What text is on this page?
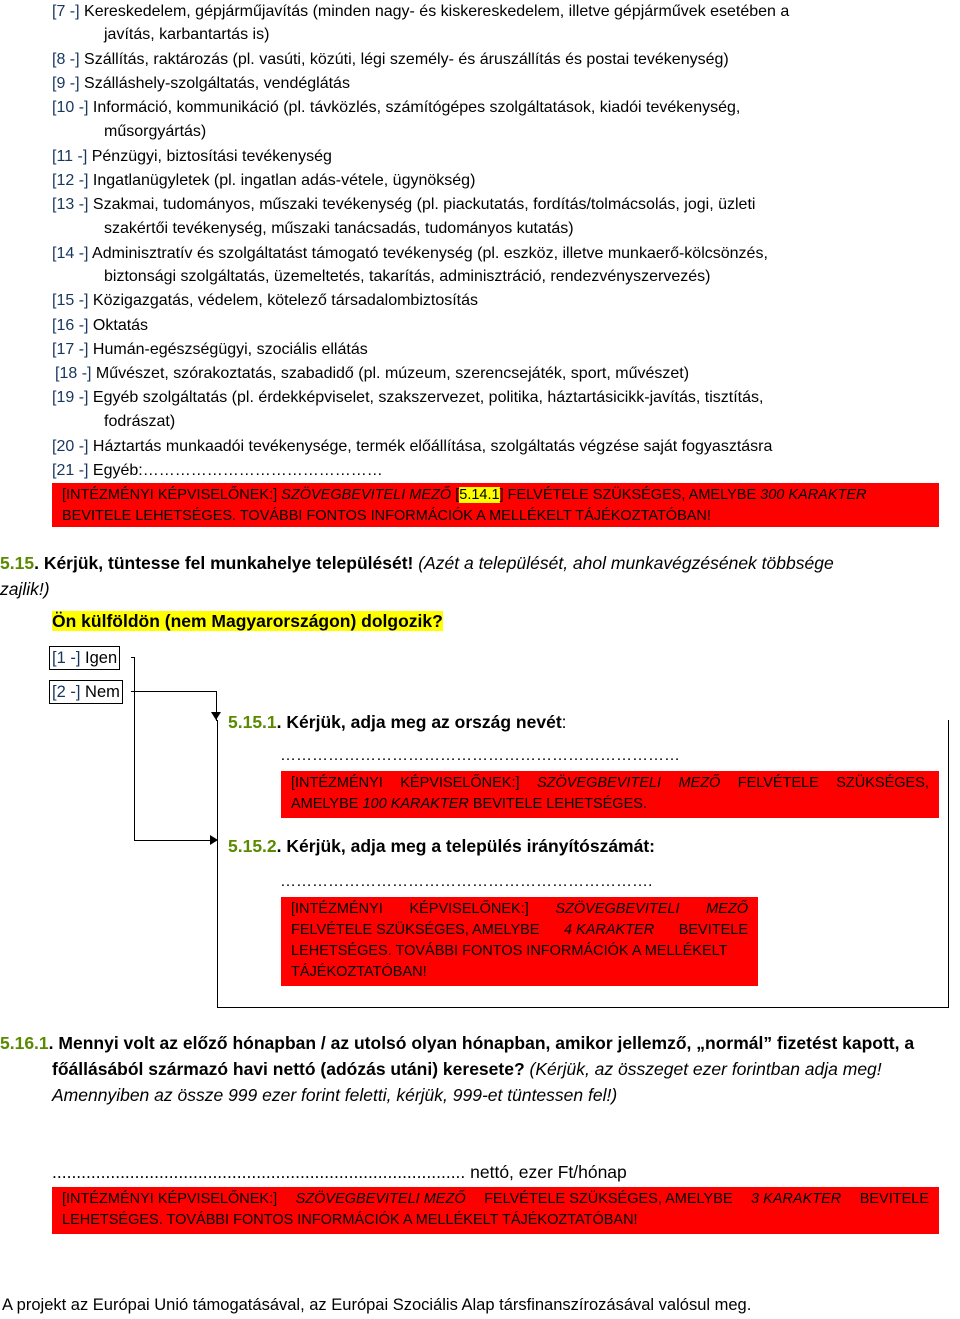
[7 -] Kereskedelem, gépjárműjavítás (minden nagy- és kiskereskedelem, illetve gépjárművek esetében a
javítás, karbantartás is)
[8 -] Szállítás, raktározás (pl. vasúti, közúti, légi személy- és áruszállítás és postai tevékenység)
[9 -] Szálláshely-szolgáltatás, vendéglátás
[10 -] Információ, kommunikáció (pl. távközlés, számítógépes szolgáltatások, kiadói tevékenység,
műsorgyártás)
[11 -] Pénzügyi, biztosítási tevékenység
[12 -] Ingatlanügyletek (pl. ingatlan adás-vétele, ügynökség)
[13 -] Szakmai, tudományos, műszaki tevékenység (pl. piackutatás, fordítás/tolmácsolás, jogi, üzleti
szakértői tevékenység, műszaki tanácsadás, tudományos kutatás)
[14 -] Adminisztratív és szolgáltatást támogató tevékenység (pl. eszköz, illetve munkaerő-kölcsönzés,
biztonsági szolgáltatás, üzemeltetés, takarítás, adminisztráció, rendezvényszervezés)
[15 -] Közigazgatás, védelem, kötelező társadalombiztosítás
[16 -] Oktatás
[17 -] Humán-egészségügyi, szociális ellátás
[18 -] Művészet, szórakoztatás, szabadidő (pl. múzeum, szerencsejáték, sport, művészet)
[19 -] Egyéb szolgáltatás (pl. érdekképviselet, szakszervezet, politika, háztartásicikk-javítás, tisztítás,
fodrászat)
[20 -] Háztartás munkaadói tevékenysége, termék előállítása, szolgáltatás végzése saját fogyasztásra
[21 -] Egyéb:………………………………………
[INTÉZMÉNYI KÉPVISELŐNEK:] SZÖVEGBEVITELI MEZŐ [5.14.1] FELVÉTELE SZÜKSÉGES, AMELYBE 300 KARAKTER
BEVITELE LEHETSÉGES. TOVÁBBI FONTOS INFORMÁCIÓK A MELLÉKELT TÁJÉKOZTATÓBAN!
5.15. Kérjük, tüntesse fel munkahelye települését! (Azét a települését, ahol munkavégzésének többsége
zajlik!)
Ön külföldön (nem Magyarországon) dolgozik?
[1 -] Igen
[2 -] Nem
5.15.1. Kérjük, adja meg az ország nevét:
…………………………………………………………………
[INTÉZMÉNYI KÉPVISELŐNEK:] SZÖVEGBEVITELI MEZŐ FELVÉTELE SZÜKSÉGES,
AMELYBE 100 KARAKTER BEVITELE LEHETSÉGES.
5.15.2. Kérjük, adja meg a település irányítószámát:
…………………………………………………………….
[INTÉZMÉNYI KÉPVISELŐNEK:] SZÖVEGBEVITELI MEZŐ
FELVÉTELE SZÜKSÉGES, AMELYBE 4 KARAKTER BEVITELE
LEHETSÉGES. TOVÁBBI FONTOS INFORMÁCIÓK A MELLÉKELT
TÁJÉKOZTATÓBAN!
5.16.1. Mennyi volt az előző hónapban / az utolsó olyan hónapban, amikor jellemző, „normál” fizetést kapott, a
főállásából származó havi nettó (adózás utáni) keresete? (Kérjük, az összeget ezer forintban adja meg!
Amennyiben az össze 999 ezer forint feletti, kérjük, 999-et tüntessen fel!)
..................................................................................... nettó, ezer Ft/hónap
[INTÉZMÉNYI KÉPVISELŐNEK:] SZÖVEGBEVITELI MEZŐ FELVÉTELE SZÜKSÉGES, AMELYBE 3 KARAKTER BEVITELE
LEHETSÉGES. TOVÁBBI FONTOS INFORMÁCIÓK A MELLÉKELT TÁJÉKOZTATÓBAN!
A projekt az Európai Unió támogatásával, az Európai Szociális Alap társfinanszírozásával valósul meg.
